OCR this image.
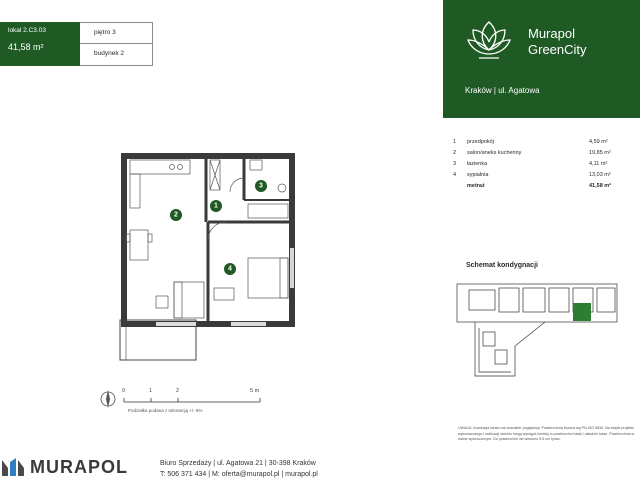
lokal 2.C3.03
41,58 m²
piętro 3
budynek 2
Murapol
GreenCity
Kraków | ul. Agatowa
1	przedpokój	4,59 m²
2	salon/aneks kuchenny	19,85 m²
3	łazienka	4,11 m²
4	sypialnia	13,03 m²
metraż	41,58 m²
Schemat kondygnacji
1
2
3
4
0	1	2	5 m
Podziałka podana z tolerancją +/- 5%
UWAGA: Aranżacja lokalu ma charakter poglądowy. Powierzchnia liczona wg PN-ISO 9836. Na etapie projektu wykonawczego i realizacji obiektu mogą wystąpić korekty w powierzchni lokali i układzie ścian. Powierzchnia w stanie wykończonym. Do powierzchni nie wliczono 5,5 cm tynku.
MURAPOL	Biuro Sprzedaży | ul. Agatowa 21 | 30-398 Kraków
T: 506 371 434 | M: oferta@murapol.pl | murapol.pl
